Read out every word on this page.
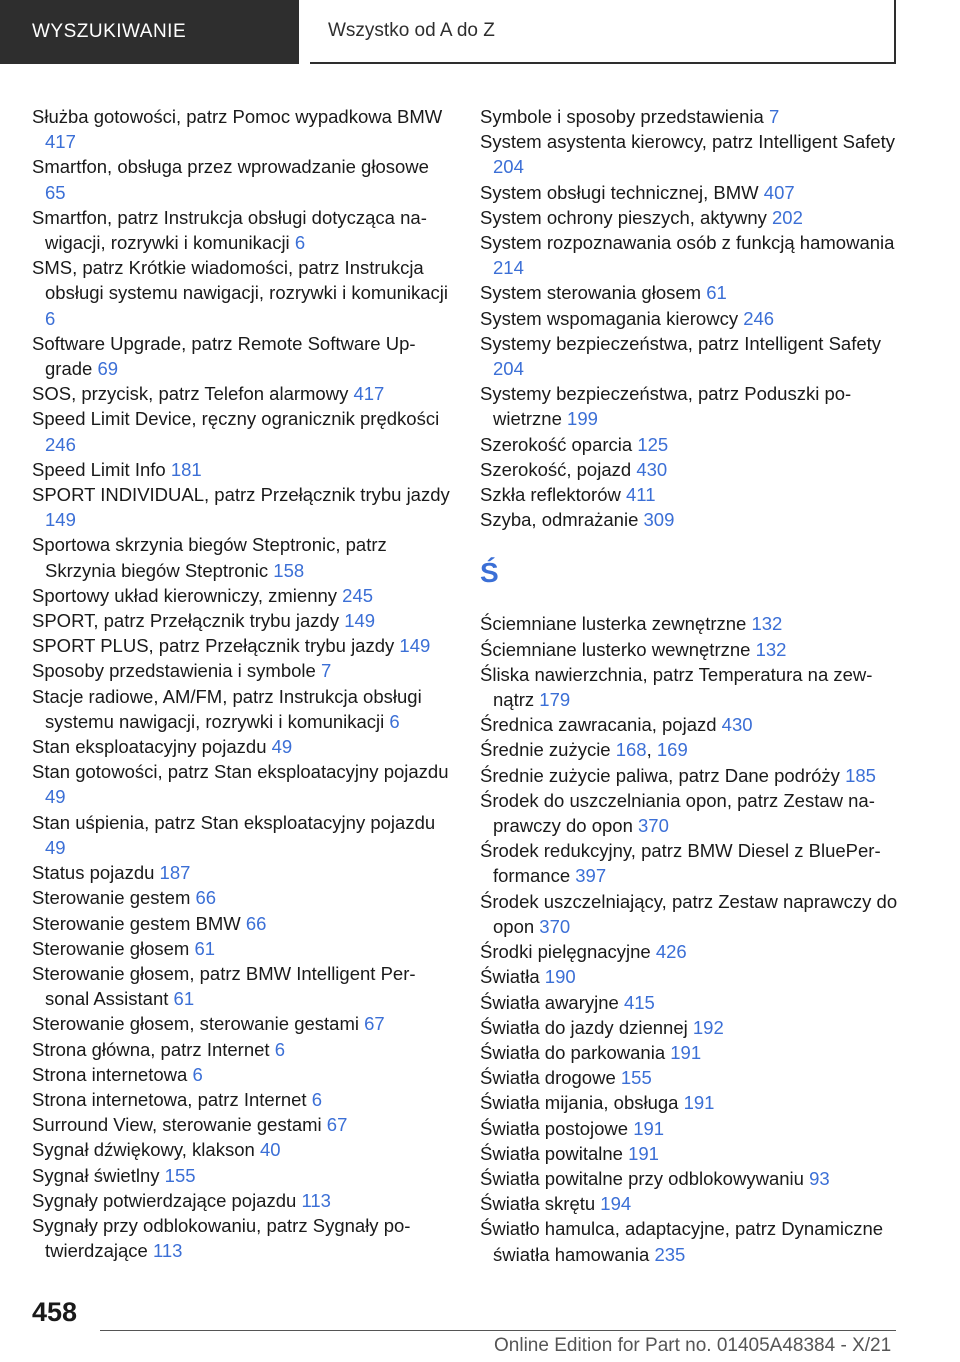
WYSZUKIWANIE	Wszystko od A do Z
Służba gotowości, patrz Pomoc wypadkowa BMW 417
Smartfon, obsługa przez wprowadzanie głosowe 65
Smartfon, patrz Instrukcja obsługi dotycząca nawigacji, rozrywki i komunikacji 6
SMS, patrz Krótkie wiadomości, patrz Instrukcja obsługi systemu nawigacji, rozrywki i komunikacji 6
Software Upgrade, patrz Remote Software Upgrade 69
SOS, przycisk, patrz Telefon alarmowy 417
Speed Limit Device, ręczny ogranicznik prędkości 246
Speed Limit Info 181
SPORT INDIVIDUAL, patrz Przełącznik trybu jazdy 149
Sportowa skrzynia biegów Steptronic, patrz Skrzynia biegów Steptronic 158
Sportowy układ kierowniczy, zmienny 245
SPORT, patrz Przełącznik trybu jazdy 149
SPORT PLUS, patrz Przełącznik trybu jazdy 149
Sposoby przedstawienia i symbole 7
Stacje radiowe, AM/FM, patrz Instrukcja obsługi systemu nawigacji, rozrywki i komunikacji 6
Stan eksploatacyjny pojazdu 49
Stan gotowości, patrz Stan eksploatacyjny pojazdu 49
Stan uśpienia, patrz Stan eksploatacyjny pojazdu 49
Status pojazdu 187
Sterowanie gestem 66
Sterowanie gestem BMW 66
Sterowanie głosem 61
Sterowanie głosem, patrz BMW Intelligent Personal Assistant 61
Sterowanie głosem, sterowanie gestami 67
Strona główna, patrz Internet 6
Strona internetowa 6
Strona internetowa, patrz Internet 6
Surround View, sterowanie gestami 67
Sygnał dźwiękowy, klakson 40
Sygnał świetlny 155
Sygnały potwierdzające pojazdu 113
Sygnały przy odblokowaniu, patrz Sygnały potwierdzające 113
Symbole i sposoby przedstawienia 7
System asystenta kierowcy, patrz Intelligent Safety 204
System obsługi technicznej, BMW 407
System ochrony pieszych, aktywny 202
System rozpoznawania osób z funkcją hamowania 214
System sterowania głosem 61
System wspomagania kierowcy 246
Systemy bezpieczeństwa, patrz Intelligent Safety 204
Systemy bezpieczeństwa, patrz Poduszki powietrzne 199
Szerokość oparcia 125
Szerokość, pojazd 430
Szkła reflektorów 411
Szyba, odmrażanie 309
Ś
Ściemniane lusterka zewnętrzne 132
Ściemniane lusterko wewnętrzne 132
Śliska nawierzchnia, patrz Temperatura na zewnątrz 179
Średnica zawracania, pojazd 430
Średnie zużycie 168, 169
Średnie zużycie paliwa, patrz Dane podróży 185
Środek do uszczelniania opon, patrz Zestaw naprawczy do opon 370
Środek redukcyjny, patrz BMW Diesel z BluePerformance 397
Środek uszczelniający, patrz Zestaw naprawczy do opon 370
Środki pielęgnacyjne 426
Światła 190
Światła awaryjne 415
Światła do jazdy dziennej 192
Światła do parkowania 191
Światła drogowe 155
Światła mijania, obsługa 191
Światła postojowe 191
Światła powitalne 191
Światła powitalne przy odblokowywaniu 93
Światła skrętu 194
Światło hamulca, adaptacyjne, patrz Dynamiczne światła hamowania 235
458
Online Edition for Part no. 01405A48384 - X/21
